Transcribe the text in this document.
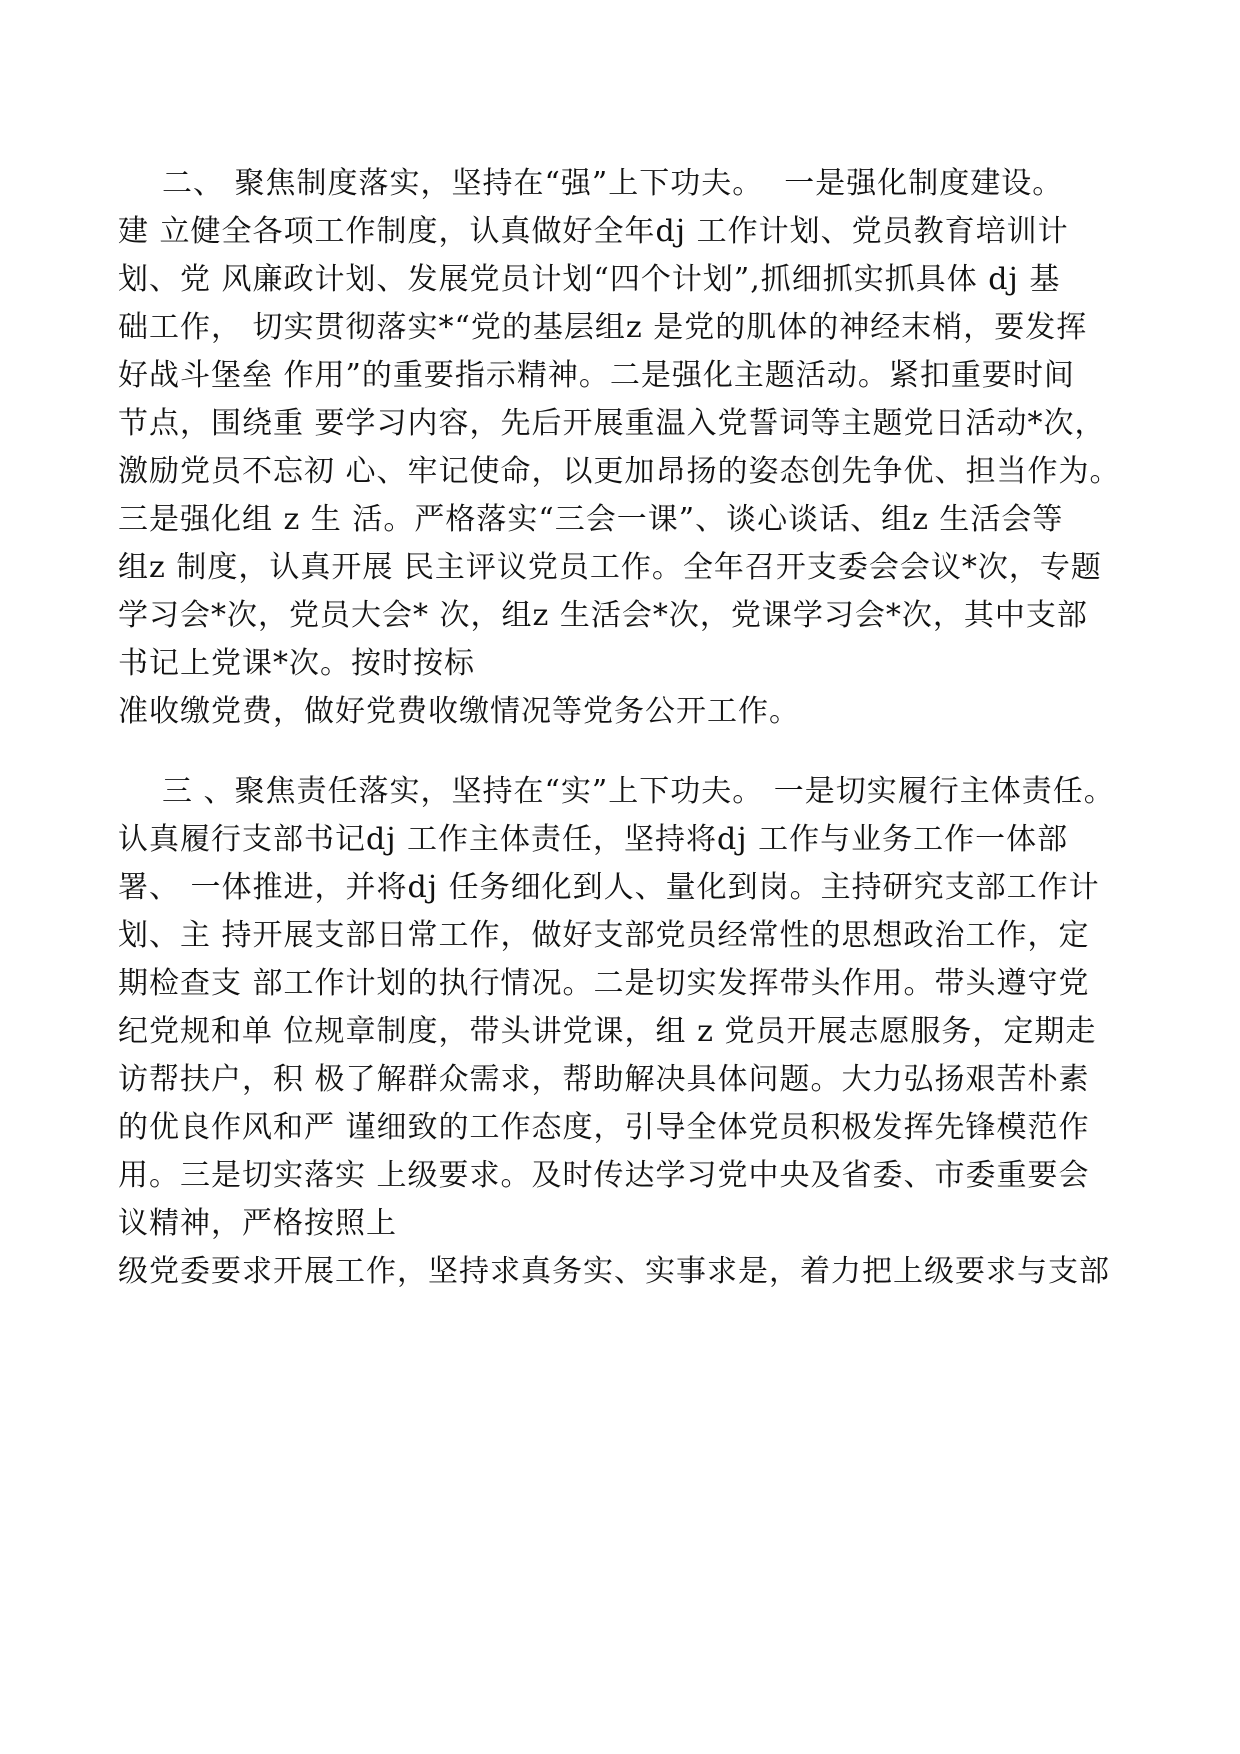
二、 聚焦制度落实，坚持在“强”上下功夫。  一是强化制度建设。
建 立健全各项工作制度，认真做好全年dj 工作计划、党员教育培训计
划、党 风廉政计划、发展党员计划“四个计划”,抓细抓实抓具体 dj 基
础工作， 切实贯彻落实*“党的基层组z 是党的肌体的神经末梢，要发挥
好战斗堡垒 作用”的重要指示精神。二是强化主题活动。紧扣重要时间
节点，围绕重 要学习内容，先后开展重温入党誓词等主题党日活动*次，
激励党员不忘初 心、牢记使命，以更加昂扬的姿态创先争优、担当作为。
三是强化组 z 生 活。严格落实“三会一课”、谈心谈话、组z 生活会等
组z 制度，认真开展 民主评议党员工作。全年召开支委会会议*次，专题
学习会*次，党员大会* 次，组z 生活会*次，党课学习会*次，其中支部
书记上党课*次。按时按标
准收缴党费，做好党费收缴情况等党务公开工作。
三 、聚焦责任落实，坚持在“实”上下功夫。 一是切实履行主体责任。
认真履行支部书记dj 工作主体责任，坚持将dj 工作与业务工作一体部
署、 一体推进，并将dj 任务细化到人、量化到岗。主持研究支部工作计
划、主 持开展支部日常工作，做好支部党员经常性的思想政治工作，定
期检查支 部工作计划的执行情况。二是切实发挥带头作用。带头遵守党
纪党规和单 位规章制度，带头讲党课，组 z 党员开展志愿服务，定期走
访帮扶户，积 极了解群众需求，帮助解决具体问题。大力弘扬艰苦朴素
的优良作风和严 谨细致的工作态度，引导全体党员积极发挥先锋模范作
用。三是切实落实 上级要求。及时传达学习党中央及省委、市委重要会
议精神，严格按照上
级党委要求开展工作，坚持求真务实、实事求是，着力把上级要求与支部
